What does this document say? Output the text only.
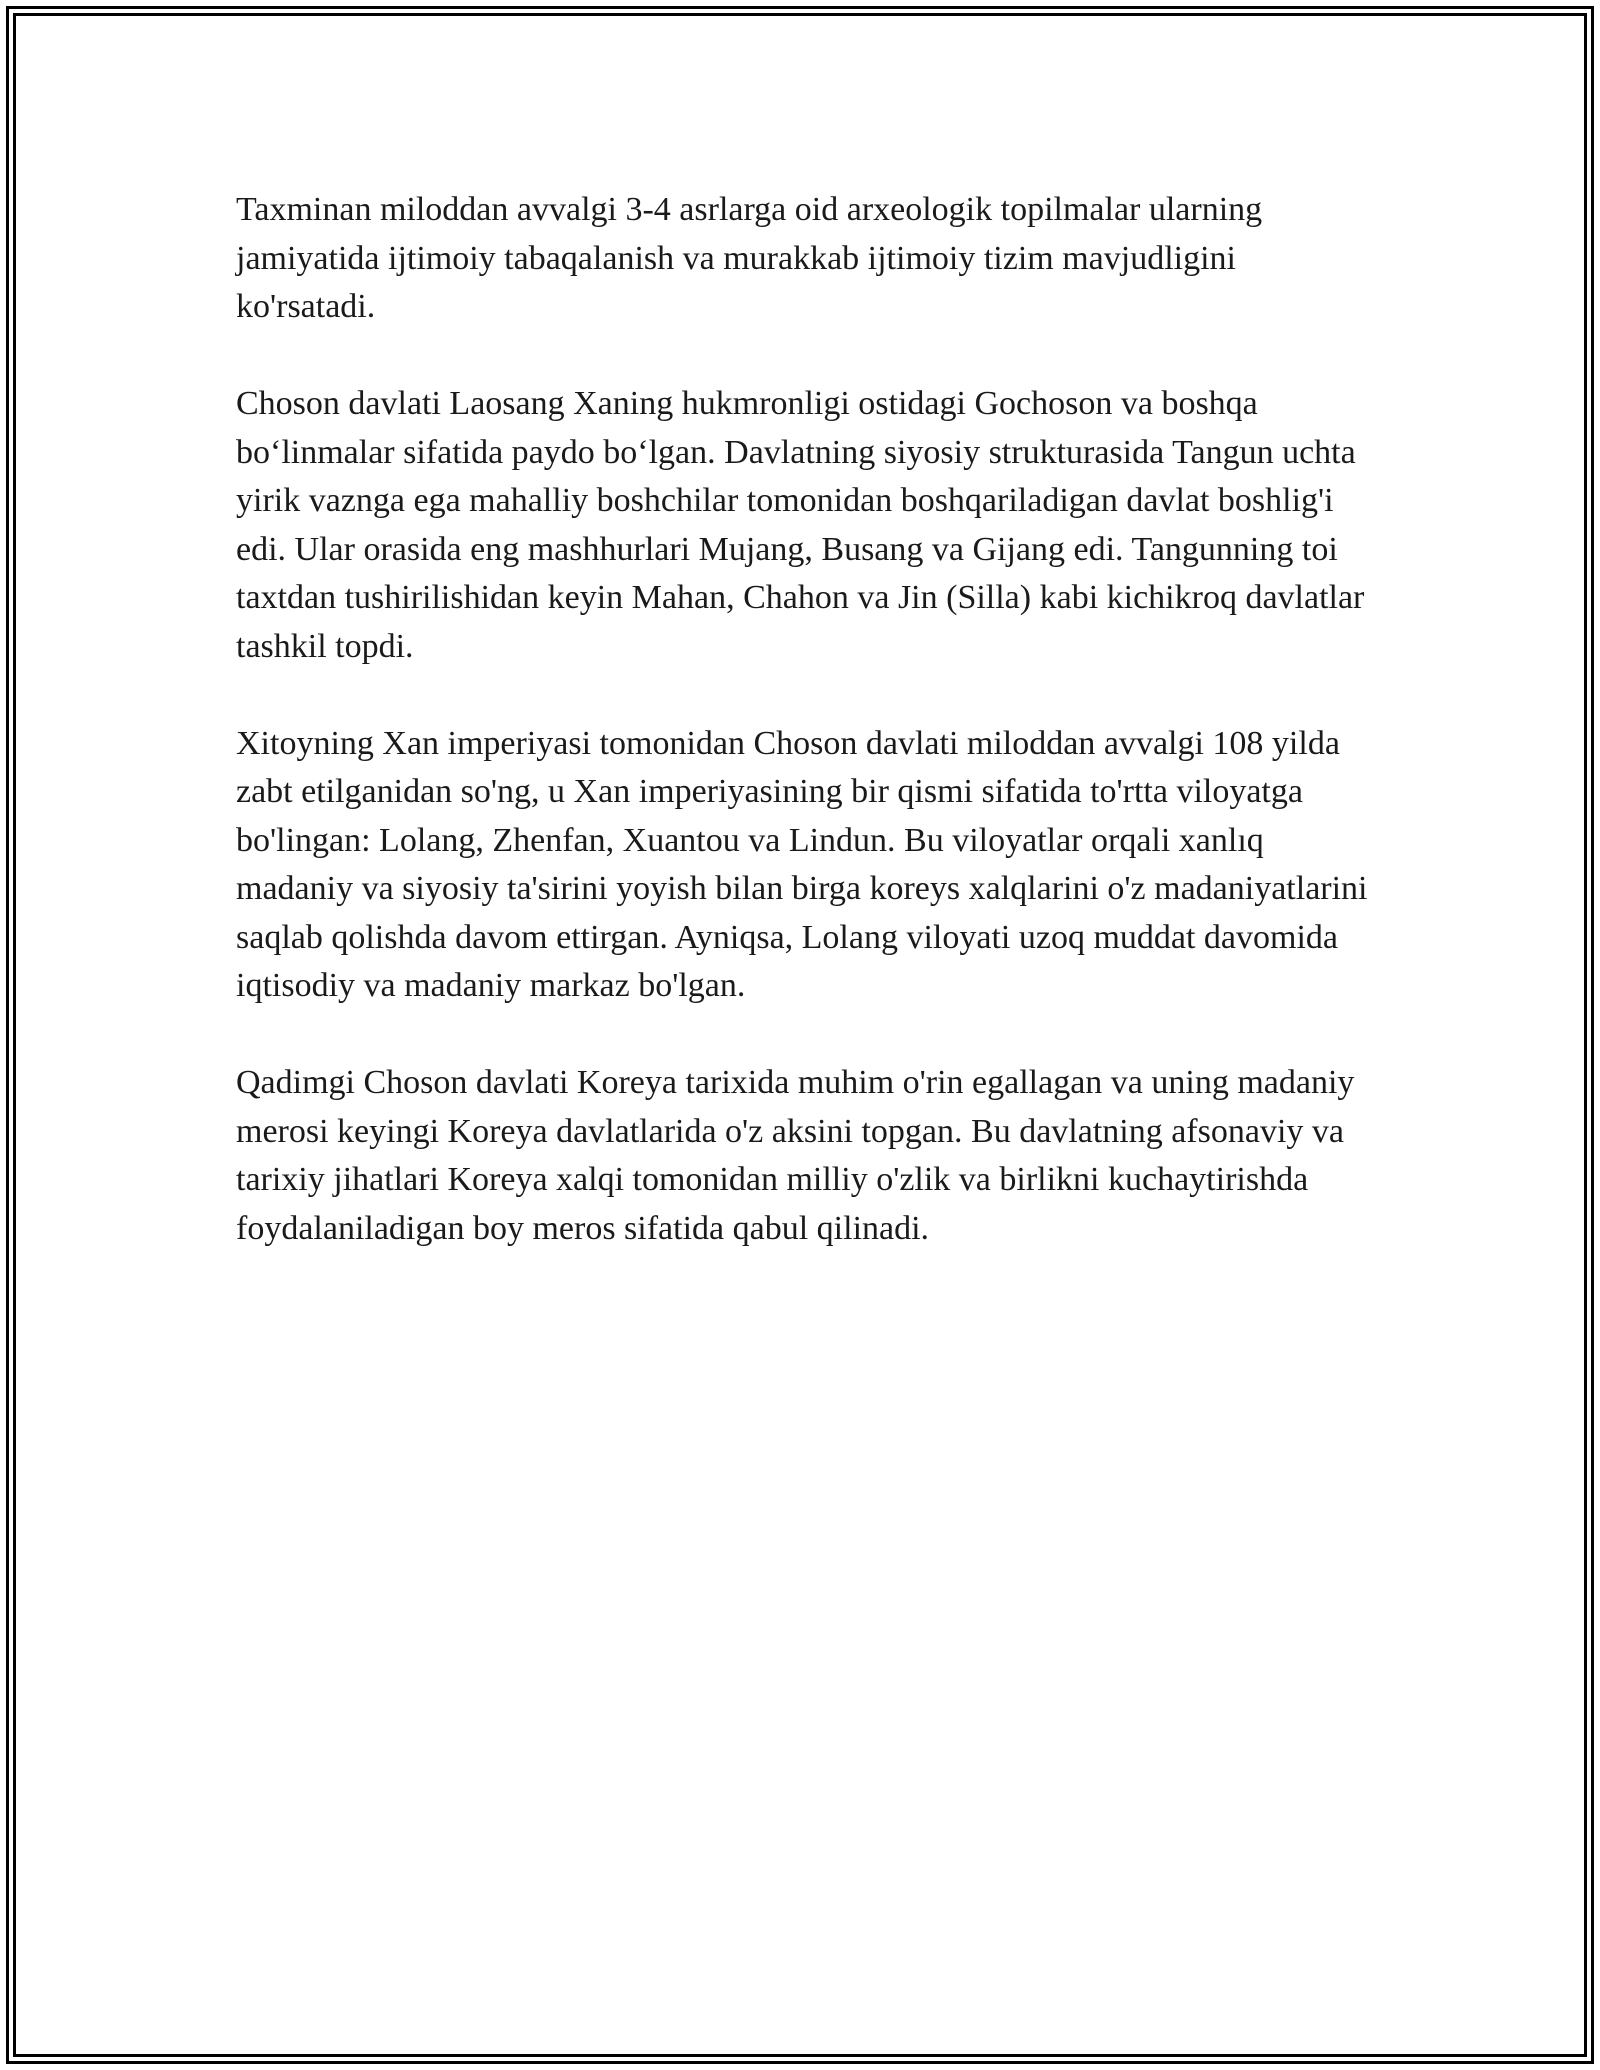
Taxminan miloddan avvalgi 3-4 asrlarga oid arxeologik topilmalar ularning jamiyatida ijtimoiy tabaqalanish va murakkab ijtimoiy tizim mavjudligini ko'rsatadi.

Choson davlati Laosang Xaning hukmronligi ostidagi Gochoson va boshqa bo‘linmalar sifatida paydo bo‘lgan. Davlatning siyosiy strukturasida Tangun uchta yirik vaznga ega mahalliy boshchilar tomonidan boshqariladigan davlat boshlig'i edi. Ular orasida eng mashhurlari Mujang, Busang va Gijang edi. Tangunning toi taxtdan tushirilishidan keyin Mahan, Chahon va Jin (Silla) kabi kichikroq davlatlar tashkil topdi.

Xitoyning Xan imperiyasi tomonidan Choson davlati miloddan avvalgi 108 yilda zabt etilganidan so'ng, u Xan imperiyasining bir qismi sifatida to'rtta viloyatga bo'lingan: Lolang, Zhenfan, Xuantou va Lindun. Bu viloyatlar orqali xanlıq madaniy va siyosiy ta'sirini yoyish bilan birga koreys xalqlarini o'z madaniyatlarini saqlab qolishda davom ettirgan. Ayniqsa, Lolang viloyati uzoq muddat davomida iqtisodiy va madaniy markaz bo'lgan.

Qadimgi Choson davlati Koreya tarixida muhim o'rin egallagan va uning madaniy merosi keyingi Koreya davlatlarida o'z aksini topgan. Bu davlatning afsonaviy va tarixiy jihatlari Koreya xalqi tomonidan milliy o'zlik va birlikni kuchaytirishda foydalaniladigan boy meros sifatida qabul qilinadi.
